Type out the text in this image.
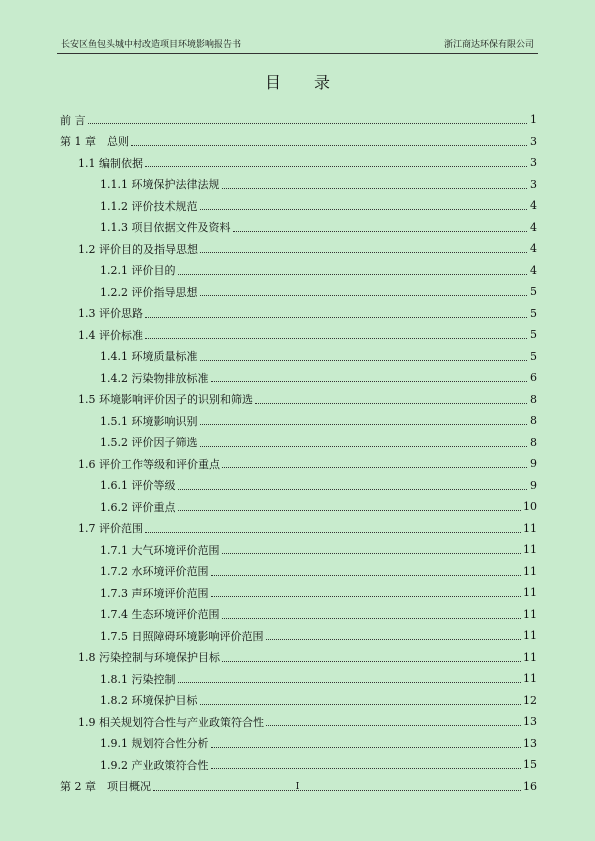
长安区鱼包头城中村改造项目环境影响报告书	浙江商达环保有限公司
目 录
前 言	1
第 1 章　总则	3
1.1 编制依据	3
1.1.1 环境保护法律法规	3
1.1.2 评价技术规范	4
1.1.3 项目依据文件及资料	4
1.2 评价目的及指导思想	4
1.2.1 评价目的	4
1.2.2 评价指导思想	5
1.3 评价思路	5
1.4 评价标准	5
1.4.1 环境质量标准	5
1.4.2 污染物排放标准	6
1.5 环境影响评价因子的识别和筛选	8
1.5.1 环境影响识别	8
1.5.2 评价因子筛选	8
1.6 评价工作等级和评价重点	9
1.6.1 评价等级	9
1.6.2 评价重点	10
1.7 评价范围	11
1.7.1 大气环境评价范围	11
1.7.2 水环境评价范围	11
1.7.3 声环境评价范围	11
1.7.4 生态环境评价范围	11
1.7.5 日照障碍环境影响评价范围	11
1.8 污染控制与环境保护目标	11
1.8.1 污染控制	11
1.8.2 环境保护目标	12
1.9 相关规划符合性与产业政策符合性	13
1.9.1 规划符合性分析	13
1.9.2 产业政策符合性	15
第 2 章　项目概况	16
I
